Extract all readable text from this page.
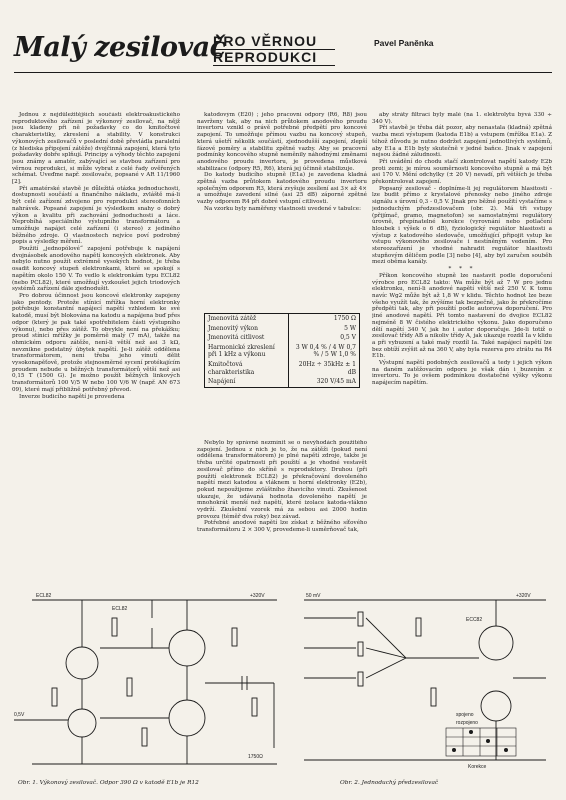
Malý zesilovač
PRO VĚRNOU
REPRODUKCI
Pavel Paněnka

Jednou z nejdůležitějších součástí elektroakustického reproduktového zařízení je výkonový zesilovač, na nějž jsou kladeny při ně požadavky co do kmitočtové charakteristiky, zkreslení a stability. V konstrukci výkonových zesilovačů v poslední době převládla paralelní (z hlediska připojení zátěže) dvojčinná zapojení, která tyto požadavky dobře splňují. Principy a výhody těchto zapojení jsou známy a amatér, zabývající se stavbou zařízení pro věrnou reprodukci, si může vybrat z celé řady ověřených schémat. Uveďme např. zesilovače, popsané v AR 11/1960 [2].

Při amatérské stavbě je důležitá otázka jednoduchosti, dostupnosti součástí a finančního nákladu, zvláště má-li být celé zařízení zdvojeno pro reprodukci stereofonních nahrávek. Popsané zapojení je výsledkem snahy o dobrý výkon a kvalitu při zachování jednoduchosti a láce. Neprobíhá speciálního výstupního transformátoru a umožňuje napájet celé zařízení (i stereo) z jediného běžného zdroje. O vlastnostech nejvíce poví podrobný popis a výsledky měření.

Použití „jednopólové“ zapojení potřebuje k napájení dvojnásobek anodového napětí koncových elektronek. Aby nebylo nutno použít extrémně vysokých hodnot, je třeba osadit koncový stupeň elektronkami, které se spokojí s napětím okolo 150 V. To vedlo k elektronkám typu ECL82 (nebo PCL82), které umožňují vyzkoušet jejich triodových systémů zařízení dále zjednodušit.

Pro dobrou účinnost jsou koncové elektronky zapojeny jako pentody. Protože stínicí mřížka horní elektronky potřebuje konstantní napájecí napětí vzhledem ke své katodě, musí být blokována na katodu a napájena buď přes odpor (který je pak také spotřebitelem části výstupního výkonu), nebo přes zátěž. To obvykle není na překážku; proud stínicí mřížky je poměrně malý (7 mA), takže na ohmickém odporu zátěže, není-li větší než asi 3 kΩ, nevznikne podstatný úbytek napětí. Je-li zátěž oddělena transformátorem, není třeba jeho vinutí dělit vysokonapěťově, protože stejnosměrné sycení protékajícím proudem nebude u běžných transformátorů větší než asi 0,15 T (1500 G). Je možno použít běžných linkových transformátorů 100 V/5 W nebo 100 V/6 W (např. AN 673 09), které mají přibližně potřebný převod.

Inverze budicího napětí je provedena

katodovým (E20) ; jeho pracovní odpory (R6, R8) jsou navrženy tak, aby na nich průtokem anodového proudu invertoru vznikl o právě potřebné předpětí pro koncové zapojení. To umožňuje přímou vazbu na koncový stupeň, která ušetří několik součástí, zjednodušší zapojení, zlepší fázové poměry a stabilitu zpětné vazby. Aby se pracovní podmínky koncového stupně neměnily náhodnými změnami anodového proudu invertoru, je provedena můstková stabilizace (odpory R5, R6), která jej účinně stabilizuje.

Do katody budicího stupně (E1a) je zavedena kladná zpětná vazba průtokem katodového proudu invertoru společným odporem R3, která zvyšuje zesílení asi 3× až 4× a umožňuje zavedení silné (asi 25 dB) záporné zpětné vazby odporem R4 při dobré vstupní citlivosti.

Na vzorku byly naměřeny vlastnosti uvedené v tabulce:

Jmenovitá zátěž	1750 Ω
Jmenovitý výkon	5 W
Jmenovitá citlivost	0,5 V
Harmonické zkreslení při 1 kHz a výkonu	3 W 0,4 % / 4 W 0,7 % / 5 W 1,0 %
Kmitočtová charakteristika	20Hz ÷ 35kHz ± 1 dB
Napájení	320 V/45 mA

Nebylo by správné nezmínit se o nevýhodách použitého zapojení. Jednou z nich je to, že na zátěži (pokud není oddělena transformátorem) je plné napětí zdroje, takže je třeba určité opatrnosti při použití a je vhodné vestavět zesilovač přímo do skříně s reproduktory. Druhou (při použití elektronek ECL82) je překračování dovoleného napětí mezi katodou a vláknem u horní elektronky (E2b), pokud nepoužijeme zvláštního žhavicího vinutí. Zkušenost ukazuje, že udávaná hodnota dovoleného napětí je mnohokrát menší než napětí, které izolace katoda-vlákno vydrží. Zkušební vzorek má za sebou asi 2000 hodin provozu (téměř dva roky) bez závad.

Potřebné anodové napětí lze získat z běžného síťového transformátoru 2 × 300 V, provedeme-li usměrňovač tak,

aby stráty filtrací byly malé (na 1. elektrolytu bývá 330 ÷ 340 V).

Při stavbě je třeba dát pozor, aby nenastala (kladná) zpětná vazba mezi výstupem (katoda E1b) a vstupem (mřížka E1a). Z téhož důvodu je nutno dodržet zapojení jednotlivých systémů, aby E1a a E1b byly skutečně v jedné baňce. Jinak v zapojení nejsou žádné záludnosti.

Při uvádění do chodu stačí zkontrolovat napětí katody E2b proti zemi; je mírou souměrnosti koncového stupně a má být asi 170 V. Mění odchylky (± 20 V) nevadí, při větších je třeba překontrolovat zapojení.

Popsaný zesilovač - doplníme-li jej regulátorem hlasitosti - lze budit přímo z krystalové přenosky nebo jiného zdroje signálu s úrovní 0,3 - 0,5 V. Jinak pro běžné použití vystačíme s jednoduchým předzesilovačem (obr. 2). Má tři vstupy (přijímač, gramo, magnetofon) se samostatnými regulátory úrovně, přepínatelné korekce (vyrovnání nebo potlačení hloubek i výšek o 6 dB), fyziologický regulátor hlasitosti a výstup z katodového sledovače, umožňující připojit vstup ke vstupu výkonového zesilovače i nestíněným vedením. Pro stereozařízení je vhodné nahradit regulátor hlasitosti stupňovým děličem podle [3] nebo [4], aby byl zaručen souběh mezi oběma kanály.

* * *

Příkon koncového stupně lze nastavit podle doporučení výrobce pro ECL82 takto: Wa může být až 7 W pro jednu elektronku, není-li anodové napětí větší než 250 V. K tomu navíc Wg2 může být až 1,8 W v klidu. Těchto hodnot lze beze všeho využít tak, že zvýšíme tak bezpečně, jako že překročíme předpětí tak, aby při použití podle autorova doporučení. Pro jiné anodové napětí. Při tomto nastavení do dvojice ECL82 nejméně 8 W čistého elektrického výkonu. Jako doporučeno dělí napětí 340 V, jak ho i autor doporučuje. Jde-li totiž o zesilovač třídy AB a nikoliv třídy A, jak ukazuje rozdíl Ia v klidu a při vybuzení a také malý rozdíl Ia. Také napájecí napětí lze bez obtíží zvýšit až na 360 V, aby byla rezerva pro ztrátu na R4 E1b.

Výstupní napětí podobných zesilovačů a tedy i jejich výkon na daném zatěžovacím odporu je však dán i buzením z invertoru. To je ovšem podmínkou dostatečné výšky výkonu napájecím napětím.

ECL82
ECL82
0,5V
1750Ω
+320V
Obr. 1. Výkonový zesilovač. Odpor 390 Ω v katodě E1b je R12
50 mV
ECC82
+320V
spojeno
rozpojeno
Korekce
Obr. 2. Jednoduchý předzesilovač
